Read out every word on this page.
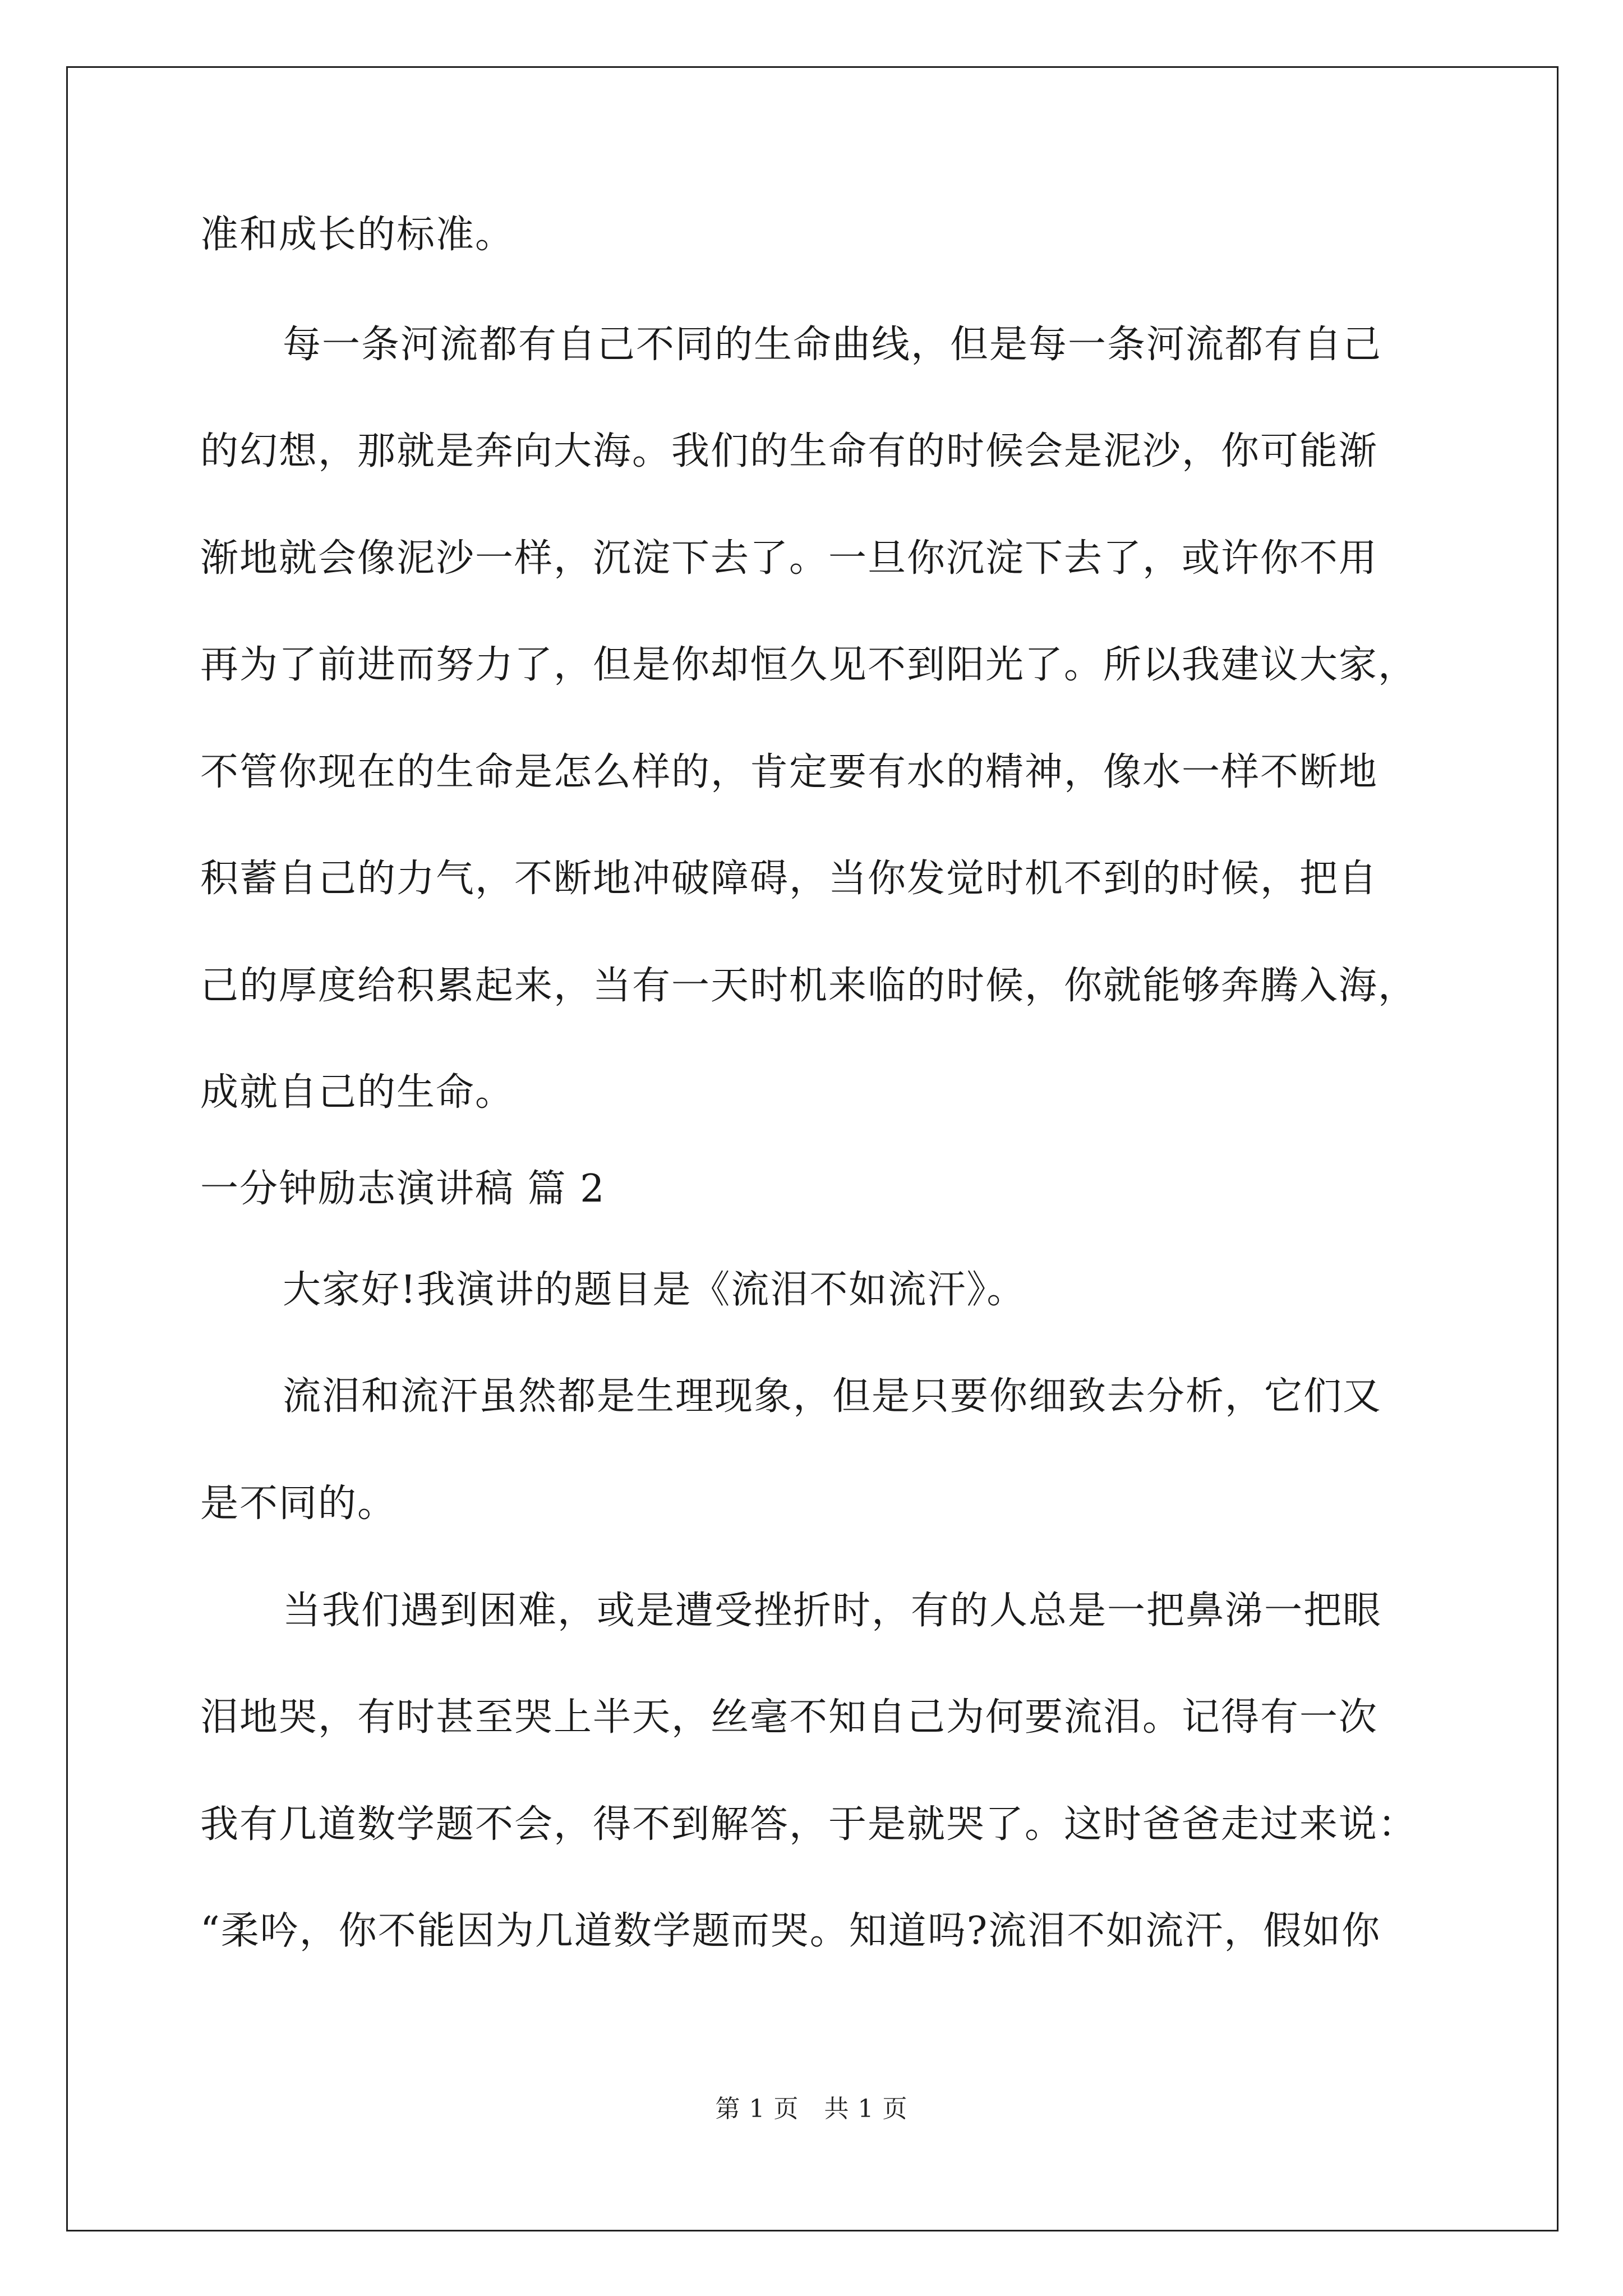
准和成长的标准。
每一条河流都有自己不同的生命曲线，但是每一条河流都有自己
的幻想，那就是奔向大海。我们的生命有的时候会是泥沙，你可能渐
渐地就会像泥沙一样，沉淀下去了。一旦你沉淀下去了，或许你不用
再为了前进而努力了，但是你却恒久见不到阳光了。所以我建议大家，
不管你现在的生命是怎么样的，肯定要有水的精神，像水一样不断地
积蓄自己的力气，不断地冲破障碍，当你发觉时机不到的时候，把自
己的厚度给积累起来，当有一天时机来临的时候，你就能够奔腾入海，
成就自己的生命。
一分钟励志演讲稿 篇 2
大家好!我演讲的题目是《流泪不如流汗》。
流泪和流汗虽然都是生理现象，但是只要你细致去分析，它们又
是不同的。
当我们遇到困难，或是遭受挫折时，有的人总是一把鼻涕一把眼
泪地哭，有时甚至哭上半天，丝毫不知自己为何要流泪。记得有一次
我有几道数学题不会，得不到解答，于是就哭了。这时爸爸走过来说：
“柔吟，你不能因为几道数学题而哭。知道吗?流泪不如流汗，假如你
第 1 页　共 1 页
